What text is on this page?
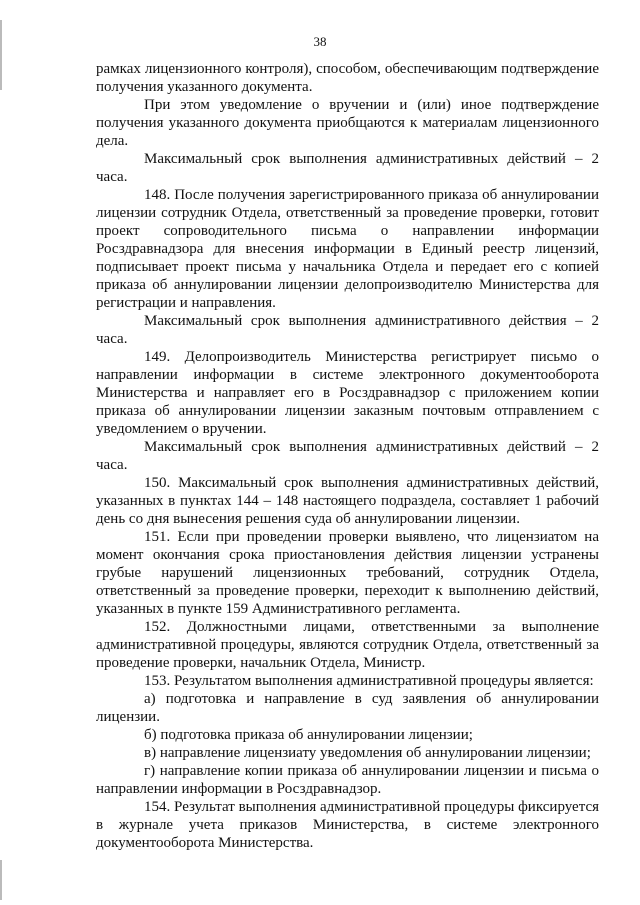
38

рамках лицензионного контроля), способом, обеспечивающим подтверждение получения указанного документа.

При этом уведомление о вручении и (или) иное подтверждение получения указанного документа приобщаются к материалам лицензионного дела.

Максимальный срок выполнения административных действий – 2 часа.

148. После получения зарегистрированного приказа об аннулировании лицензии сотрудник Отдела, ответственный за проведение проверки, готовит проект сопроводительного письма о направлении информации Росздравнадзора для внесения информации в Единый реестр лицензий, подписывает проект письма у начальника Отдела и передает его с копией приказа об аннулировании лицензии делопроизводителю Министерства для регистрации и направления.

Максимальный срок выполнения административного действия – 2 часа.

149. Делопроизводитель Министерства регистрирует письмо о направлении информации в системе электронного документооборота Министерства и направляет его в Росздравнадзор с приложением копии приказа об аннулировании лицензии заказным почтовым отправлением с уведомлением о вручении.

Максимальный срок выполнения административных действий – 2 часа.

150. Максимальный срок выполнения административных действий, указанных в пунктах 144 – 148 настоящего подраздела, составляет 1 рабочий день со дня вынесения решения суда об аннулировании лицензии.

151. Если при проведении проверки выявлено, что лицензиатом на момент окончания срока приостановления действия лицензии устранены грубые нарушений лицензионных требований, сотрудник Отдела, ответственный за проведение проверки, переходит к выполнению действий, указанных в пункте 159 Административного регламента.

152. Должностными лицами, ответственными за выполнение административной процедуры, являются сотрудник Отдела, ответственный за проведение проверки, начальник Отдела, Министр.

153. Результатом выполнения административной процедуры является:

а) подготовка и направление в суд заявления об аннулировании лицензии.

б) подготовка приказа об аннулировании лицензии;

в) направление лицензиату уведомления об аннулировании лицензии;

г) направление копии приказа об аннулировании лицензии и письма о направлении информации в Росздравнадзор.

154. Результат выполнения административной процедуры фиксируется в журнале учета приказов Министерства, в системе электронного документооборота Министерства.
